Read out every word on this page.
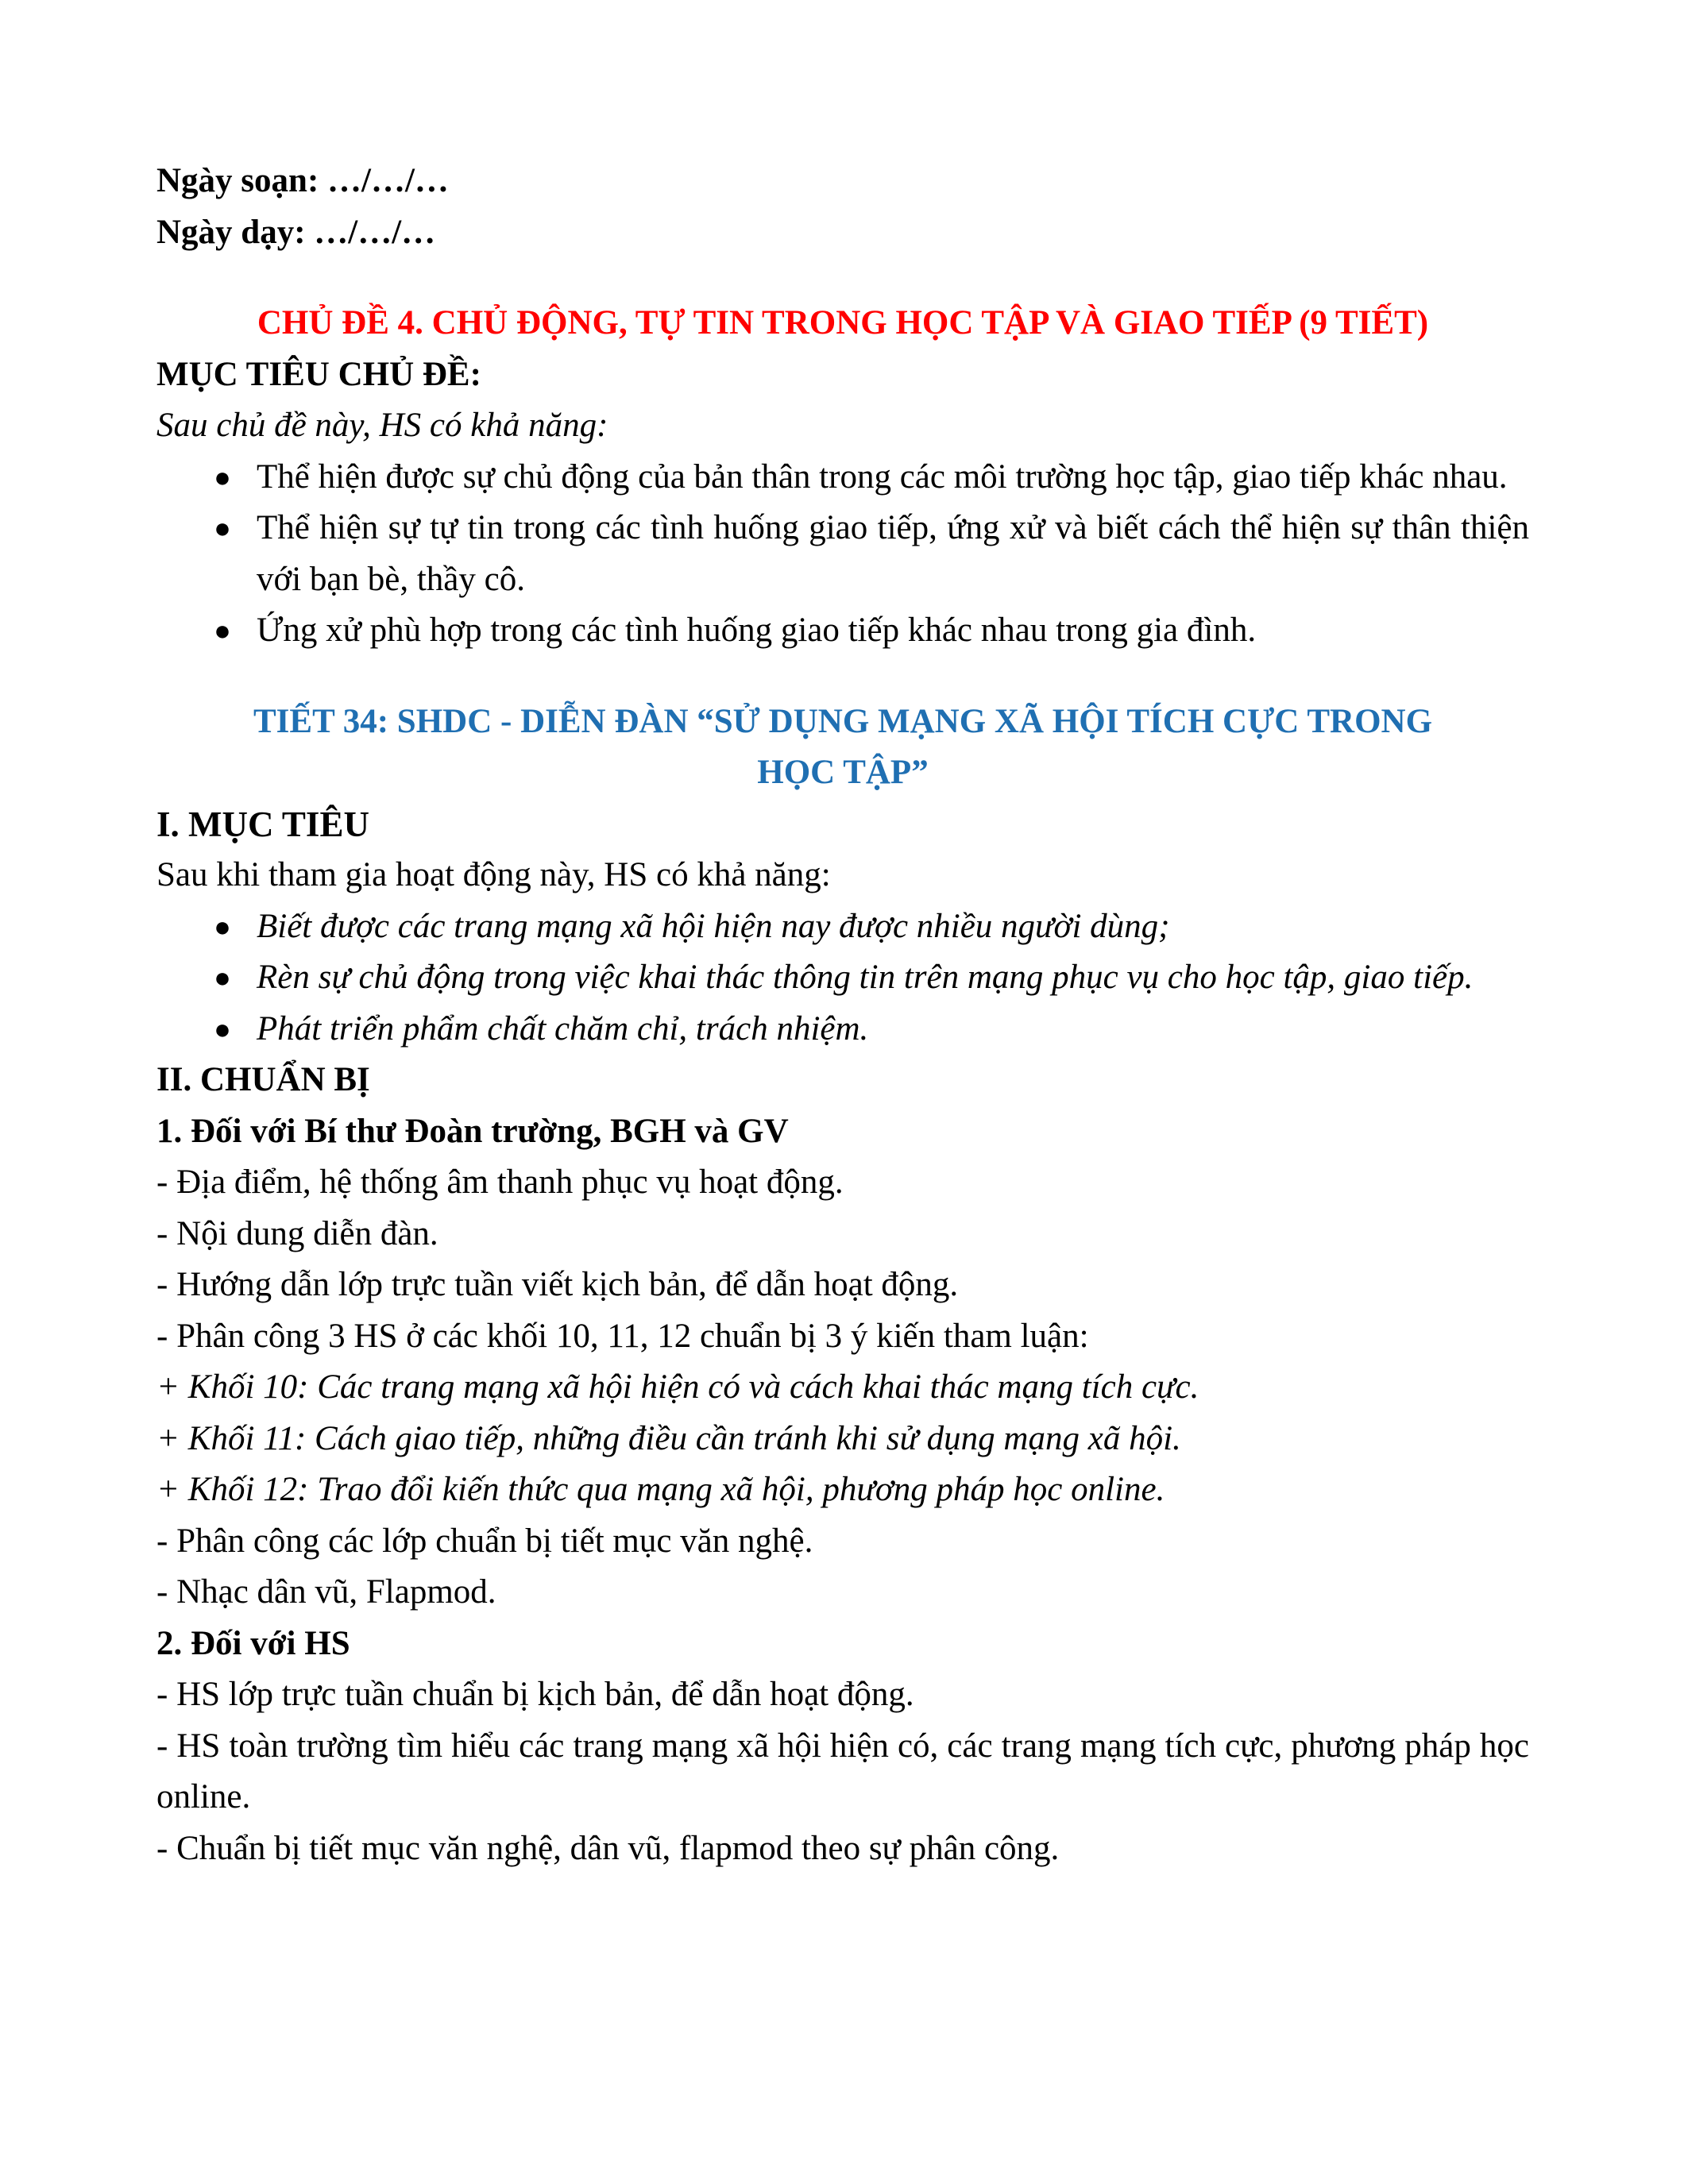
Ngày soạn: …/…/…

Ngày dạy: …/…/…

CHỦ ĐỀ 4. CHỦ ĐỘNG, TỰ TIN TRONG HỌC TẬP VÀ GIAO TIẾP (9 TIẾT)

MỤC TIÊU CHỦ ĐỀ:

Sau chủ đề này, HS có khả năng:

● Thể hiện được sự chủ động của bản thân trong các môi trường học tập, giao tiếp khác nhau.
● Thể hiện sự tự tin trong các tình huống giao tiếp, ứng xử và biết cách thể hiện sự thân thiện với bạn bè, thầy cô.
● Ứng xử phù hợp trong các tình huống giao tiếp khác nhau trong gia đình.

TIẾT 34: SHDC - DIỄN ĐÀN “SỬ DỤNG MẠNG XÃ HỘI TÍCH CỰC TRONG

HỌC TẬP”

I. MỤC TIÊU

Sau khi tham gia hoạt động này, HS có khả năng:

● Biết được các trang mạng xã hội hiện nay được nhiều người dùng;
● Rèn sự chủ động trong việc khai thác thông tin trên mạng phục vụ cho học tập, giao tiếp.
● Phát triển phẩm chất chăm chỉ, trách nhiệm.

II. CHUẨN BỊ

1. Đối với Bí thư Đoàn trường, BGH và GV

- Địa điểm, hệ thống âm thanh phục vụ hoạt động.

- Nội dung diễn đàn.

- Hướng dẫn lớp trực tuần viết kịch bản, để dẫn hoạt động.

- Phân công 3 HS ở các khối 10, 11, 12 chuẩn bị 3 ý kiến tham luận:

+ Khối 10: Các trang mạng xã hội hiện có và cách khai thác mạng tích cực.

+ Khối 11: Cách giao tiếp, những điều cần tránh khi sử dụng mạng xã hội.

+ Khối 12: Trao đổi kiến thức qua mạng xã hội, phương pháp học online.

- Phân công các lớp chuẩn bị tiết mục văn nghệ.

- Nhạc dân vũ, Flapmod.

2. Đối với HS

- HS lớp trực tuần chuẩn bị kịch bản, để dẫn hoạt động.

- HS toàn trường tìm hiểu các trang mạng xã hội hiện có, các trang mạng tích cực, phương pháp học online.

- Chuẩn bị tiết mục văn nghệ, dân vũ, flapmod theo sự phân công.
